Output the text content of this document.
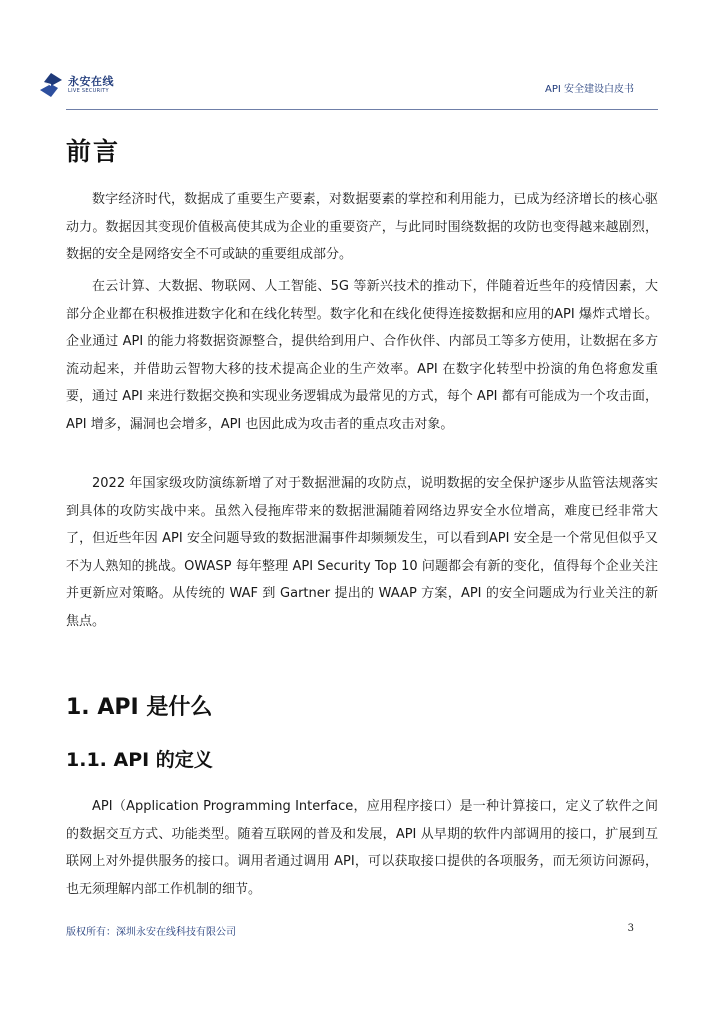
永安在线
LIVE SECURITY	API 安全建设白皮书
前言

数字经济时代，数据成了重要生产要素，对数据要素的掌控和利用能力，已成为经济增长的核心驱动力。数据因其变现价值极高使其成为企业的重要资产，与此同时围绕数据的攻防也变得越来越剧烈，数据的安全是网络安全不可或缺的重要组成部分。

在云计算、大数据、物联网、人工智能、5G 等新兴技术的推动下，伴随着近些年的疫情因素，大部分企业都在积极推进数字化和在线化转型。数字化和在线化使得连接数据和应用的API 爆炸式增长。企业通过 API 的能力将数据资源整合，提供给到用户、合作伙伴、内部员工等多方使用，让数据在多方流动起来，并借助云智物大移的技术提高企业的生产效率。API 在数字化转型中扮演的角色将愈发重要，通过 API 来进行数据交换和实现业务逻辑成为最常见的方式，每个 API 都有可能成为一个攻击面，API 增多，漏洞也会增多，API 也因此成为攻击者的重点攻击对象。

2022 年国家级攻防演练新增了对于数据泄漏的攻防点，说明数据的安全保护逐步从监管法规落实到具体的攻防实战中来。虽然入侵拖库带来的数据泄漏随着网络边界安全水位增高，难度已经非常大了，但近些年因 API 安全问题导致的数据泄漏事件却频频发生，可以看到API 安全是一个常见但似乎又不为人熟知的挑战。OWASP 每年整理 API Security Top 10 问题都会有新的变化，值得每个企业关注并更新应对策略。从传统的 WAF 到 Gartner 提出的 WAAP 方案，API 的安全问题成为行业关注的新焦点。

1. API 是什么
1.1. API 的定义

API（Application Programming Interface，应用程序接口）是一种计算接口，定义了软件之间的数据交互方式、功能类型。随着互联网的普及和发展，API 从早期的软件内部调用的接口，扩展到互联网上对外提供服务的接口。调用者通过调用 API，可以获取接口提供的各项服务，而无须访问源码，也无须理解内部工作机制的细节。

版权所有：深圳永安在线科技有限公司	3
